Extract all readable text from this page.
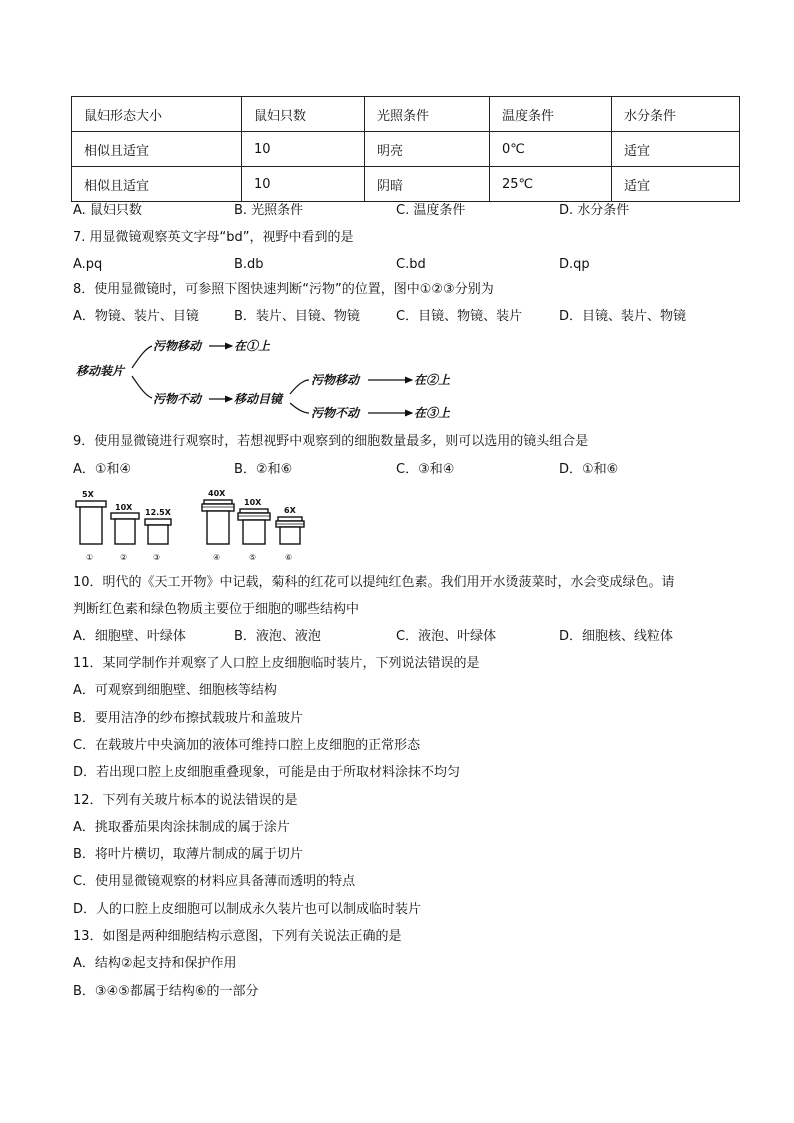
鼠妇形态大小	鼠妇只数	光照条件	温度条件	水分条件
相似且适宜	10	明亮	0℃	适宜
相似且适宜	10	阴暗	25℃	适宜
A. 鼠妇只数	B. 光照条件	C. 温度条件	D. 水分条件
7. 用显微镜观察英文字母“bd”，视野中看到的是
A.pq	B.db	C.bd	D.qp
8．使用显微镜时，可参照下图快速判断“污物”的位置，图中①②③分别为
A．物镜、装片、目镜	B．装片、目镜、物镜	C．目镜、物镜、装片	D．目镜、装片、物镜
移动装片
污物移动	在①上
污物不动	移动目镜
污物移动	在②上
污物不动	在③上
9．使用显微镜进行观察时，若想视野中观察到的细胞数量最多，则可以选用的镜头组合是
A．①和④	B．②和⑥	C．③和④	D．①和⑥
5X
①
10X
②
12.5X
③
40X
④
10X
⑤
6X
⑥
10．明代的《天工开物》中记载，菊科的红花可以提纯红色素。我们用开水烫菠菜时，水会变成绿色。请
判断红色素和绿色物质主要位于细胞的哪些结构中
A．细胞壁、叶绿体	B．液泡、液泡	C．液泡、叶绿体	D．细胞核、线粒体
11．某同学制作并观察了人口腔上皮细胞临时装片，下列说法错误的是
A．可观察到细胞壁、细胞核等结构
B．要用洁净的纱布擦拭载玻片和盖玻片
C．在载玻片中央滴加的液体可维持口腔上皮细胞的正常形态
D．若出现口腔上皮细胞重叠现象，可能是由于所取材料涂抹不均匀
12．下列有关玻片标本的说法错误的是
A．挑取番茄果肉涂抹制成的属于涂片
B．将叶片横切，取薄片制成的属于切片
C．使用显微镜观察的材料应具备薄而透明的特点
D．人的口腔上皮细胞可以制成永久装片也可以制成临时装片
13．如图是两种细胞结构示意图，下列有关说法正确的是
A．结构②起支持和保护作用
B．③④⑤都属于结构⑥的一部分
